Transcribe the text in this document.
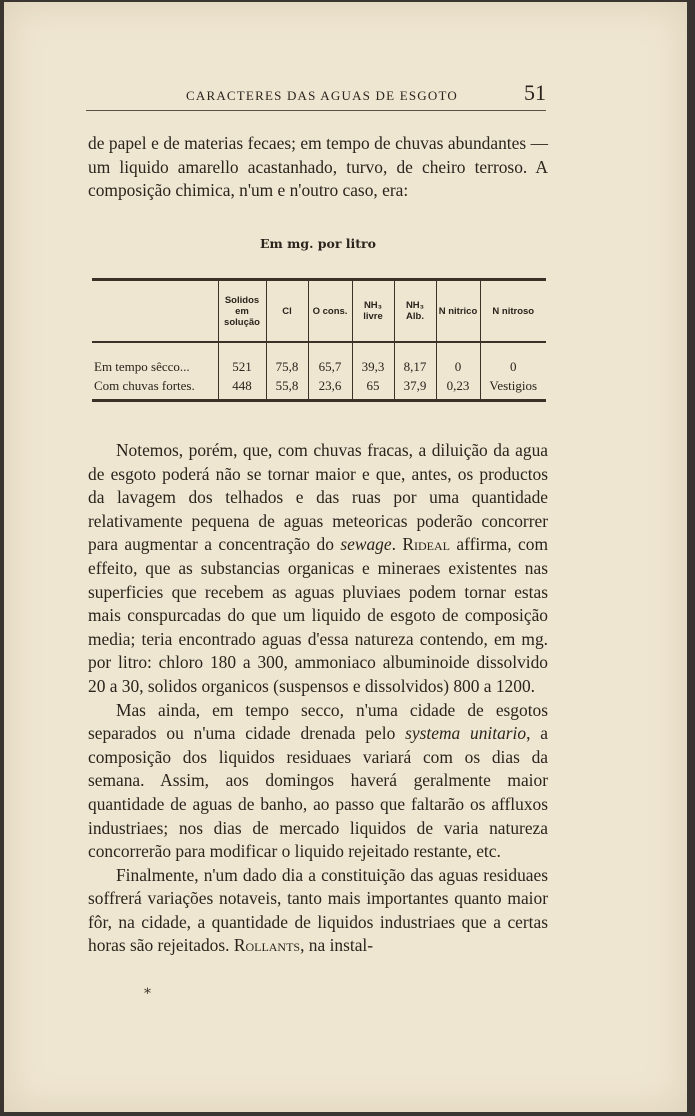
CARACTERES DAS AGUAS DE ESGOTO	51

de papel e de materias fecaes; em tempo de chuvas abundantes — um liquido amarello acastanhado, turvo, de cheiro terroso. A composição chimica, n'um e n'outro caso, era:

Em mg. por litro
	Solidos em solução	Cl	O cons.	NH₃ livre	NH₃ Alb.	N nitrico	N nitroso
Em tempo sêcco...	521	75,8	65,7	39,3	8,17	0	0
Com chuvas fortes.	448	55,8	23,6	65	37,9	0,23	Vestigios

Notemos, porém, que, com chuvas fracas, a diluição da agua de esgoto poderá não se tornar maior e que, antes, os productos da lavagem dos telhados e das ruas por uma quantidade relativamente pequena de aguas meteoricas poderão concorrer para augmentar a concentração do sewage. Rideal affirma, com effeito, que as substancias organicas e mineraes existentes nas superficies que recebem as aguas pluviaes podem tornar estas mais conspurcadas do que um liquido de esgoto de composição media; teria encontrado aguas d'essa natureza contendo, em mg. por litro: chloro 180 a 300, ammoniaco albuminoide dissolvido 20 a 30, solidos organicos (suspensos e dissolvidos) 800 a 1200.

Mas ainda, em tempo secco, n'uma cidade de esgotos separados ou n'uma cidade drenada pelo systema unitario, a composição dos liquidos residuaes variará com os dias da semana. Assim, aos domingos haverá geralmente maior quantidade de aguas de banho, ao passo que faltarão os affluxos industriaes; nos dias de mercado liquidos de varia natureza concorrerão para modificar o liquido rejeitado restante, etc.

Finalmente, n'um dado dia a constituição das aguas residuaes soffrerá variações notaveis, tanto mais importantes quanto maior fôr, na cidade, a quantidade de liquidos industriaes que a certas horas são rejeitados. Rollants, na instal-

*
